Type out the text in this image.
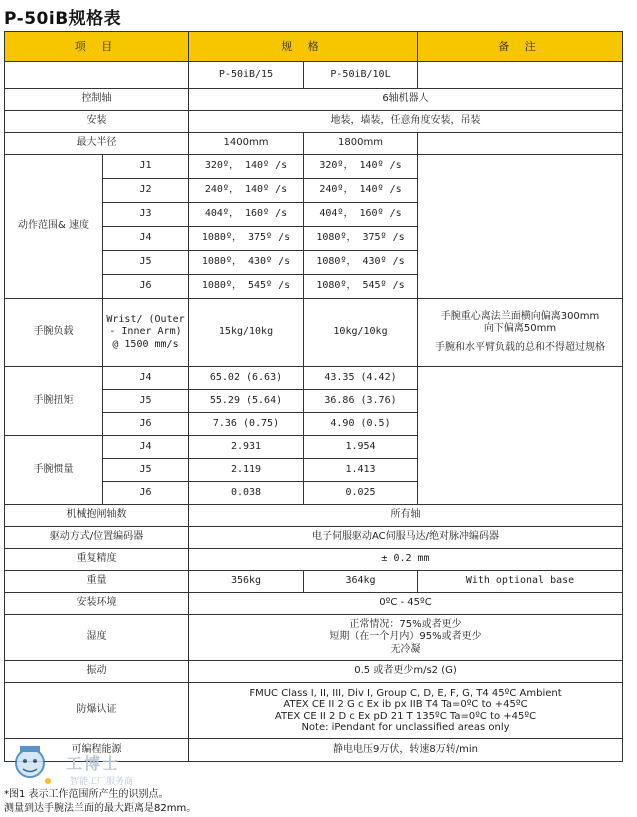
P-50iB规格表
项 目		规 格		备 注
		P-50iB/15	P-50iB/10L	
控制轴		6轴机器人		
安装		地装，墙装，任意角度安装，吊装		
最大半径		1400mm	1800mm	
动作范围& 速度	J1	320º， 140º /s	320º， 140º /s	
	J2	240º， 140º /s	240º， 140º /s	
	J3	404º， 160º /s	404º， 160º /s	
	J4	1080º， 375º /s	1080º， 375º /s	
	J5	1080º， 430º /s	1080º， 430º /s	
	J6	1080º， 545º /s	1080º， 545º /s	
手腕负载	Wrist/ (Outer - Inner Arm) @ 1500 mm/s	15kg/10kg	10kg/10kg	手腕重心离法兰面横向偏离300mm
向下偏离50mm
手腕和水平臂负载的总和不得超过规格

手腕扭矩	J4	65.02 (6.63)	43.35 (4.42)	
	J5	55.29 (5.64)	36.86 (3.76)	
	J6	7.36 (0.75)	4.90 (0.5)	
手腕惯量	J4	2.931	1.954	
	J5	2.119	1.413	
	J6	0.038	0.025	
机械抱闸轴数		所有轴		
驱动方式/位置编码器		电子伺服驱动AC伺服马达/绝对脉冲编码器		
重复精度		± 0.2 mm		
重量		356kg	364kg	With optional base
安装环境		0ºC - 45ºC		
湿度		正常情况：75%或者更少
短期（在一个月内）95%或者更少
无冷凝		

振动		0.5 或者更少m/s2 (G)		
防爆认证		FMUC Class I, II, III, Div I, Group C, D, E, F, G, T4 45ºC Ambient
ATEX CE II 2 G c Ex ib px IIB T4 Ta=0ºC to +45ºC
ATEX CE II 2 D c Ex pD 21 T 135ºC Ta=0ºC to +45ºC
Note: iPendant for unclassified areas only		

可编程能源		静电电压9万伏，转速8万转/min		
*图1 表示工作范围所产生的识别点。
测量到达手腕法兰面的最大距离是82mm。
工博士
智能工厂服务商
